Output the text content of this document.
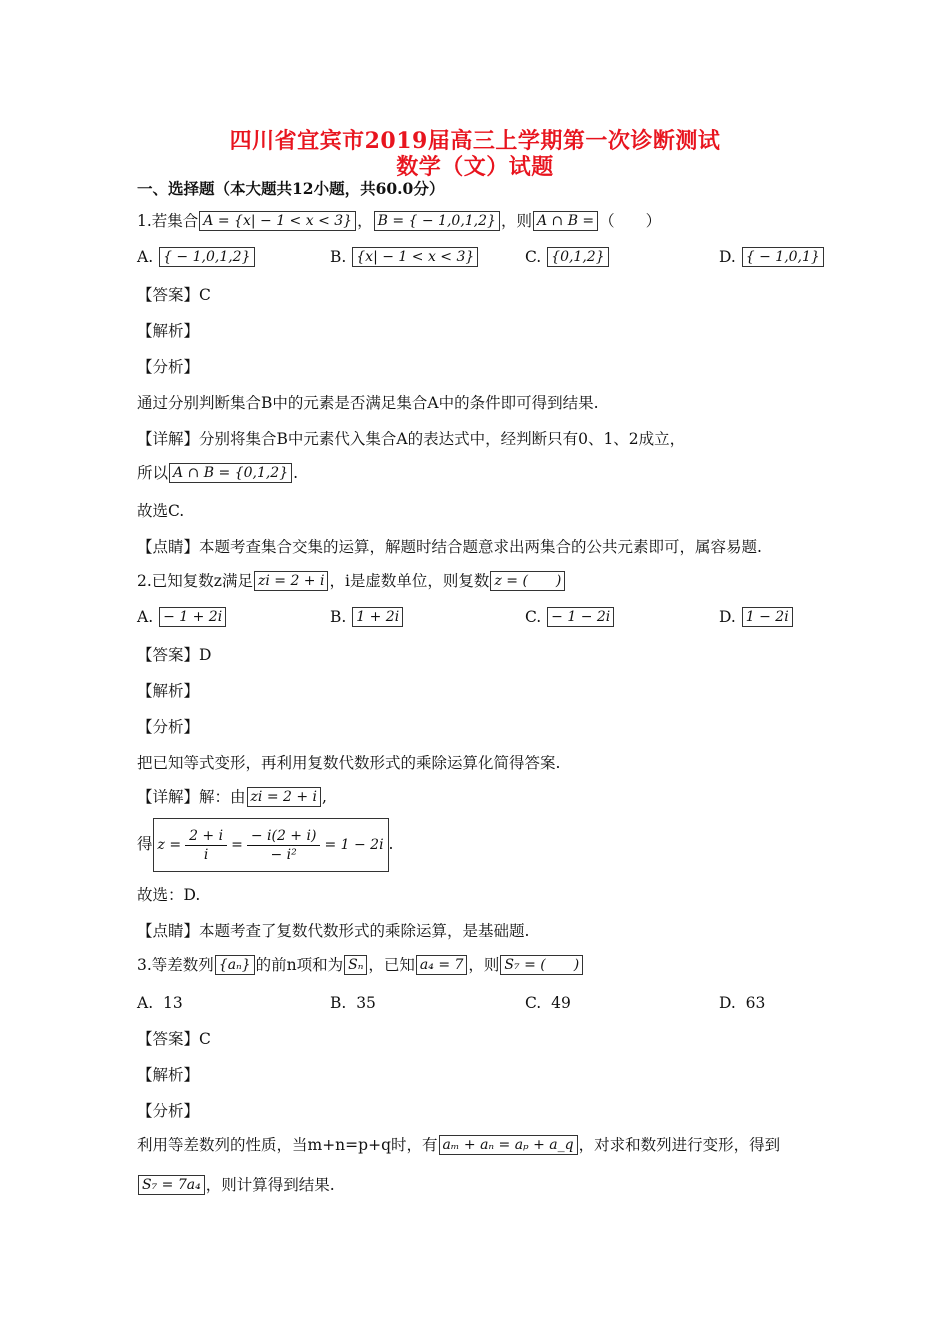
四川省宜宾市2019届高三上学期第一次诊断测试
数学（文）试题
一、选择题（本大题共12小题，共60.0分）
1.若集合 A = {x| − 1 < x < 3} ， B = { − 1,0,1,2} ，则 A ∩ B = （　　）
A. { − 1,0,1,2}	B. {x| − 1 < x < 3}	C. {0,1,2}	D. { − 1,0,1}
【答案】C
【解析】
【分析】
通过分别判断集合B中的元素是否满足集合A中的条件即可得到结果.
【详解】分别将集合B中元素代入集合A的表达式中，经判断只有0、1、2成立，
所以 A ∩ B = {0,1,2} .
故选C.
【点睛】本题考查集合交集的运算，解题时结合题意求出两集合的公共元素即可，属容易题.
2.已知复数z满足 zi = 2 + i ，i是虚数单位，则复数 z = (　　)
A. − 1 + 2i	B. 1 + 2i	C. − 1 − 2i	D. 1 − 2i
【答案】D
【解析】
【分析】
把已知等式变形，再利用复数代数形式的乘除运算化简得答案.
【详解】解：由 zi = 2 + i ,
得 $z = \frac{2 + i}{i} = \frac{- i(2 + i)}{\text{− i²}} = 1 - 2i$ .
故选：D.
【点睛】本题考查了复数代数形式的乘除运算，是基础题.
3.等差数列 {aₙ} 的前n项和为 Sₙ ，已知 a₄ = 7 ，则 S₇ = (　　)
A. 13	B. 35	C. 49	D. 63
【答案】C
【解析】
【分析】
利用等差数列的性质，当m+n=p+q时，有 aₘ + aₙ = aₚ + a_q ，对求和数列进行变形，得到
S₇ = 7a₄ ，则计算得到结果.
